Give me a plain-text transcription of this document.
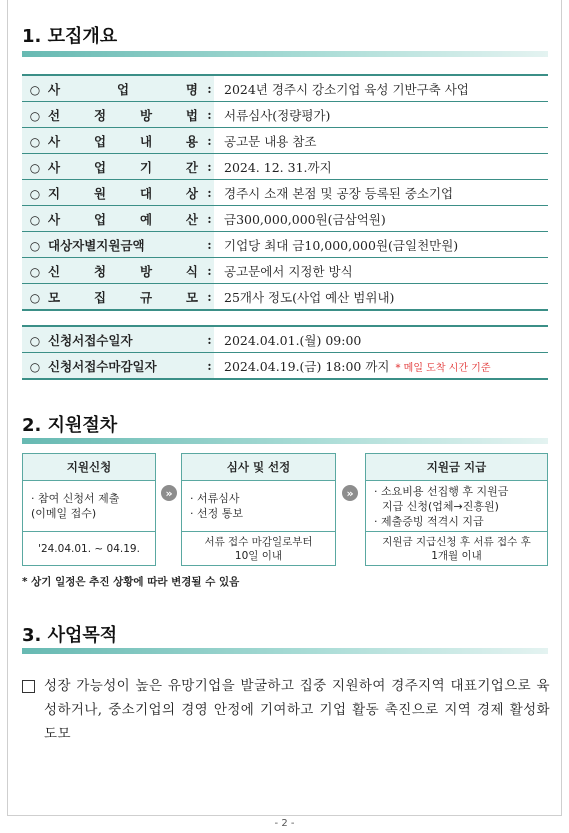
1. 모집개요
○ 사 업 명	:	2024년 경주시 강소기업 육성 기반구축 사업
○ 선 정 방 법	:	서류심사(정량평가)
○ 사 업 내 용	:	공고문 내용 참조
○ 사 업 기 간	:	2024. 12. 31.까지
○ 지 원 대 상	:	경주시 소재 본점 및 공장 등록된 중소기업
○ 사 업 예 산	:	금300,000,000원(금삼억원)
○ 대상자별지원금액	:	기업당 최대 금10,000,000원(금일천만원)
○ 신 청 방 식	:	공고문에서 지정한 방식
○ 모 집 규 모	:	25개사 정도(사업 예산 범위내)
○ 신청서접수일자	:	2024.04.01.(월) 09:00
○ 신청서접수마감일자	:	2024.04.19.(금) 18:00 까지 * 메일 도착 시간 기준
2. 지원절차
지원신청
· 참여 신청서 제출
(이메일 접수)
'24.04.01. ~ 04.19.
»
심사 및 선정
· 서류심사
· 선정 통보
서류 접수 마감일로부터
10일 이내
»
지원금 지급
· 소요비용 선집행 후 지원금
지급 신청(업체→진흥원)
· 제출증빙 적격시 지급
지원금 지급신청 후 서류 접수 후
1개월 이내
* 상기 일정은 추진 상황에 따라 변경될 수 있음
3. 사업목적
성장 가능성이 높은 유망기업을 발굴하고 집중 지원하여 경주지역 대표기업으로 육성하거나, 중소기업의 경영 안정에 기여하고 기업 활동 촉진으로 지역 경제 활성화 도모
- 2 -
